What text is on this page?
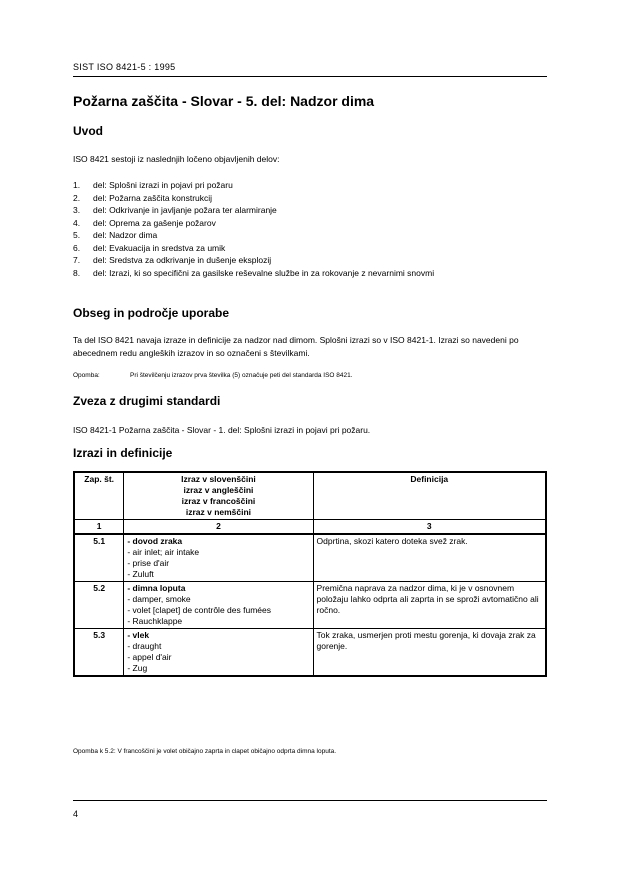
SIST ISO 8421-5 : 1995
Požarna zaščita - Slovar - 5. del: Nadzor dima
Uvod
ISO 8421 sestoji iz naslednjih ločeno objavljenih delov:
1.	del: Splošni izrazi in pojavi pri požaru
2.	del: Požarna zaščita konstrukcij
3.	del: Odkrivanje in javljanje požara ter alarmiranje
4.	del: Oprema za gašenje požarov
5.	del: Nadzor dima
6.	del: Evakuacija in sredstva za umik
7.	del: Sredstva za odkrivanje in dušenje eksplozij
8.	del: Izrazi, ki so specifični za gasilske reševalne službe in za rokovanje z nevarnimi snovmi
Obseg in področje uporabe
Ta del ISO 8421 navaja izraze in definicije za nadzor nad dimom. Splošni izrazi so v ISO 8421-1. Izrazi so navedeni po abecednem redu angleških izrazov in so označeni s številkami.
Opomba:	Pri številčenju izrazov prva številka (5) označuje peti del standarda ISO 8421.
Zveza z drugimi standardi
ISO 8421-1 Požarna zaščita - Slovar - 1. del: Splošni izrazi in pojavi pri požaru.
Izrazi in definicije
Zap. št.	Izraz v slovenščini
izraz v angleščini
izraz v francoščini
izraz v nemščini	Definicija
1	2	3
5.1	- dovod zraka
- air inlet; air intake
- prise d'air
- Zuluft	Odprtina, skozi katero doteka svež zrak.
5.2	- dimna loputa
- damper, smoke
- volet [clapet] de contrôle des fumées
- Rauchklappe	Premična naprava za nadzor dima, ki je v osnovnem položaju lahko odprta ali zaprta in se sproži avtomatično ali ročno.
5.3	- vlek
- draught
- appel d'air
- Zug	Tok zraka, usmerjen proti mestu gorenja, ki dovaja zrak za gorenje.
Opomba k 5.2: V francoščini je volet običajno zaprta in clapet običajno odprta dimna loputa.
4
